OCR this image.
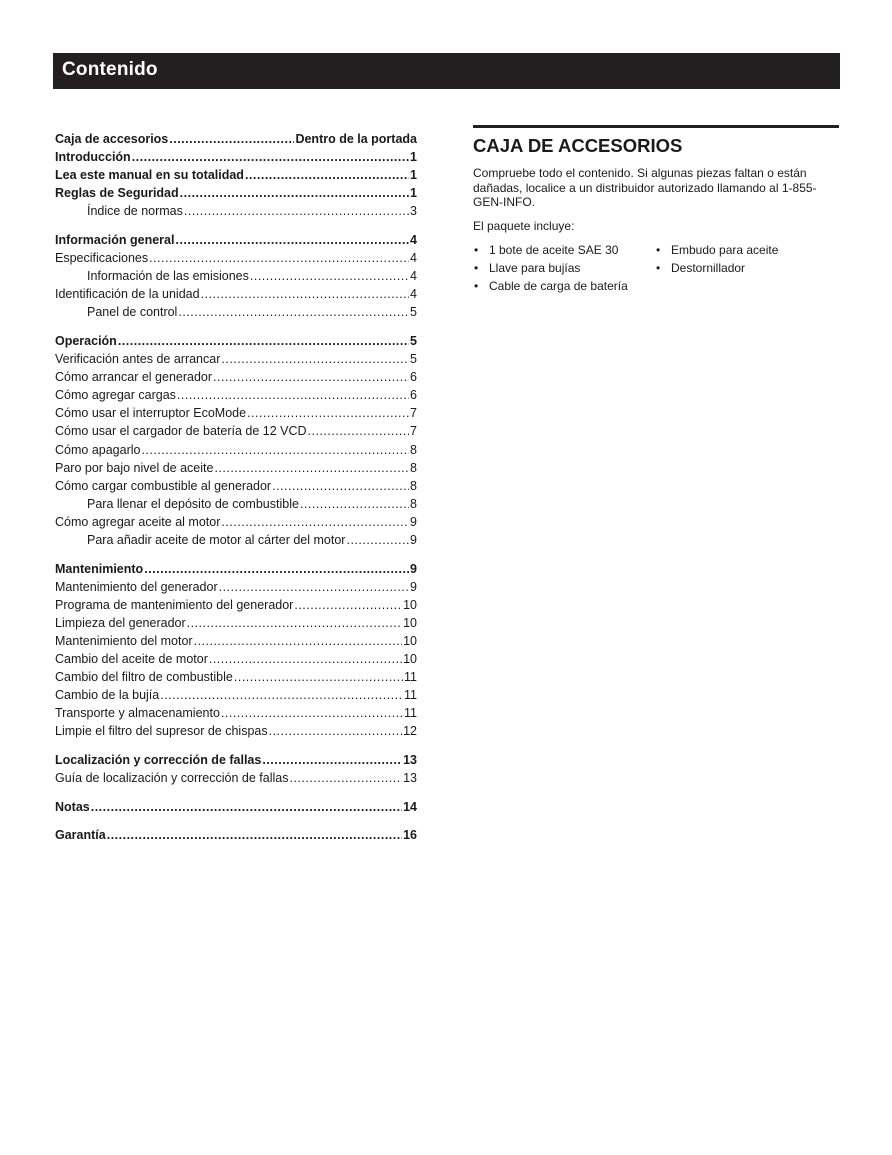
Contenido
Caja de accesorios .....	Dentro de la portada
Introducción .....	1
Lea este manual en su totalidad .....	1
Reglas de Seguridad .....	1
Índice de normas .....	3
Información general .....	4
Especificaciones .....	4
Información de las emisiones .....	4
Identificación de la unidad .....	4
Panel de control .....	5
Operación .....	5
Verificación antes de arrancar .....	5
Cómo arrancar el generador .....	6
Cómo agregar cargas .....	6
Cómo usar el interruptor EcoMode .....	7
Cómo usar el cargador de batería de 12 VCD .....	7
Cómo apagarlo .....	8
Paro por bajo nivel de aceite .....	8
Cómo cargar combustible al generador .....	8
Para llenar el depósito de combustible .....	8
Cómo agregar aceite al motor .....	9
Para añadir aceite de motor al cárter del motor .....	9
Mantenimiento .....	9
Mantenimiento del generador .....	9
Programa de mantenimiento del generador .....	10
Limpieza del generador .....	10
Mantenimiento del motor .....	10
Cambio del aceite de motor .....	10
Cambio del filtro de combustible .....	11
Cambio de la bujía .....	11
Transporte y almacenamiento .....	11
Limpie el filtro del supresor de chispas .....	12
Localización y corrección de fallas .....	13
Guía de localización y corrección de fallas .....	13
Notas .....	14
Garantía .....	16
CAJA DE ACCESORIOS
Compruebe todo el contenido. Si algunas piezas faltan o están dañadas, localice a un distribuidor autorizado llamando al 1-855-GEN-INFO.
El paquete incluye:
• 1 bote de aceite SAE 30
• Llave para bujías
• Cable de carga de batería
• Embudo para aceite
• Destornillador
